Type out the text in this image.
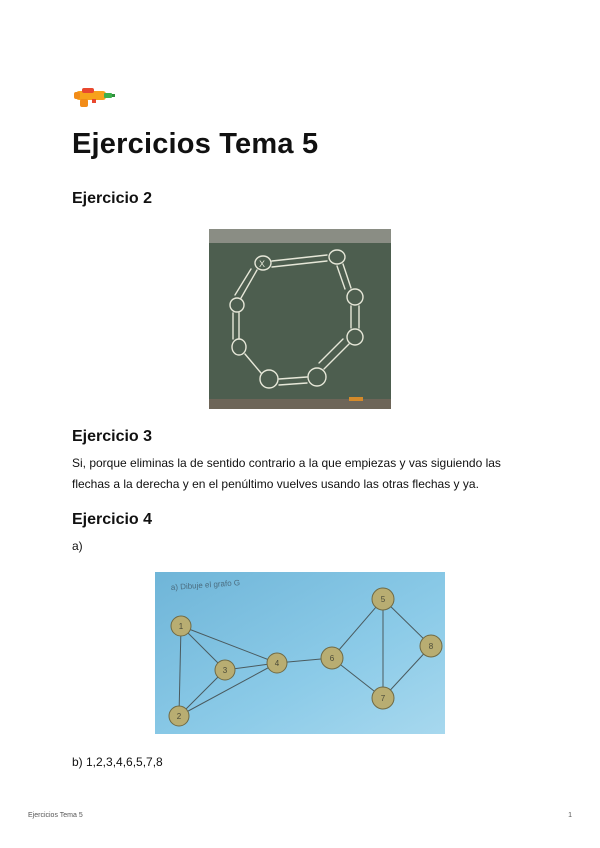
Ejercicios Tema 5
Ejercicio 2
X
Ejercicio 3

Si, porque eliminas la de sentido contrario a la que empiezas y vas siguiendo las flechas a la derecha y en el penúltimo vuelves usando las otras flechas y ya.

Ejercicio 4

a)

a) Dibuje el grafo G
1
2
3
4
5
6
7
8

b) 1,2,3,4,6,5,7,8

Ejercicios Tema 5	1
